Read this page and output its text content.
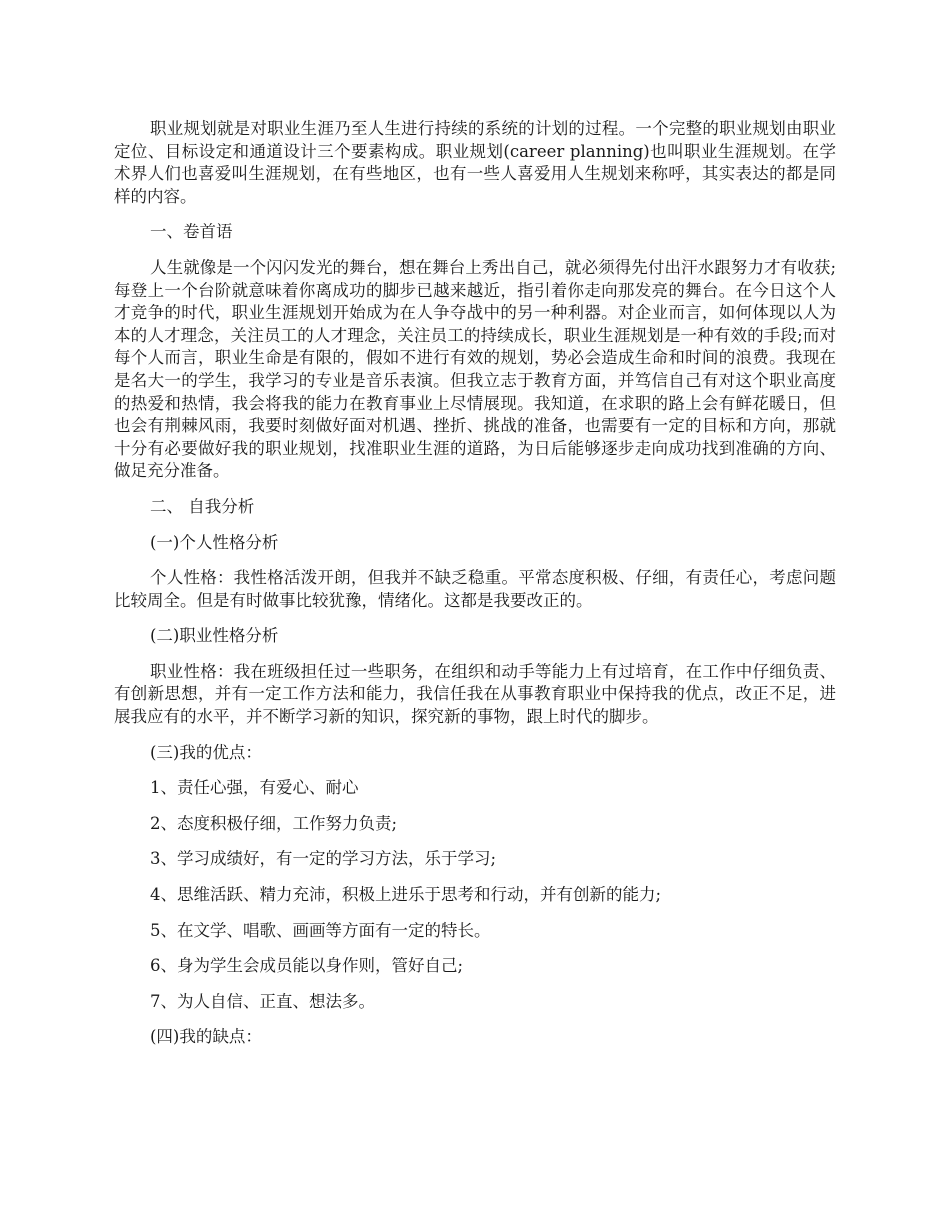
职业规划就是对职业生涯乃至人生进行持续的系统的计划的过程。一个完整的职业规划由职业定位、目标设定和通道设计三个要素构成。职业规划(career planning)也叫职业生涯规划。在学术界人们也喜爱叫生涯规划，在有些地区，也有一些人喜爱用人生规划来称呼，其实表达的都是同样的内容。

一、卷首语

人生就像是一个闪闪发光的舞台，想在舞台上秀出自己，就必须得先付出汗水跟努力才有收获;每登上一个台阶就意味着你离成功的脚步已越来越近，指引着你走向那发亮的舞台。在今日这个人才竞争的时代，职业生涯规划开始成为在人争夺战中的另一种利器。对企业而言，如何体现以人为本的人才理念，关注员工的人才理念，关注员工的持续成长，职业生涯规划是一种有效的手段;而对每个人而言，职业生命是有限的，假如不进行有效的规划，势必会造成生命和时间的浪费。我现在是名大一的学生，我学习的专业是音乐表演。但我立志于教育方面，并笃信自己有对这个职业高度的热爱和热情，我会将我的能力在教育事业上尽情展现。我知道，在求职的路上会有鲜花暖日，但也会有荆棘风雨，我要时刻做好面对机遇、挫折、挑战的准备，也需要有一定的目标和方向，那就十分有必要做好我的职业规划，找准职业生涯的道路，为日后能够逐步走向成功找到准确的方向、做足充分准备。

二、 自我分析

(一)个人性格分析

个人性格：我性格活泼开朗，但我并不缺乏稳重。平常态度积极、仔细，有责任心，考虑问题比较周全。但是有时做事比较犹豫，情绪化。这都是我要改正的。

(二)职业性格分析

职业性格：我在班级担任过一些职务，在组织和动手等能力上有过培育，在工作中仔细负责、有创新思想，并有一定工作方法和能力，我信任我在从事教育职业中保持我的优点，改正不足，进展我应有的水平，并不断学习新的知识，探究新的事物，跟上时代的脚步。

(三)我的优点：

1、责任心强，有爱心、耐心

2、态度积极仔细，工作努力负责;

3、学习成绩好，有一定的学习方法，乐于学习;

4、思维活跃、精力充沛，积极上进乐于思考和行动，并有创新的能力;

5、在文学、唱歌、画画等方面有一定的特长。

6、身为学生会成员能以身作则，管好自己;

7、为人自信、正直、想法多。

(四)我的缺点：
